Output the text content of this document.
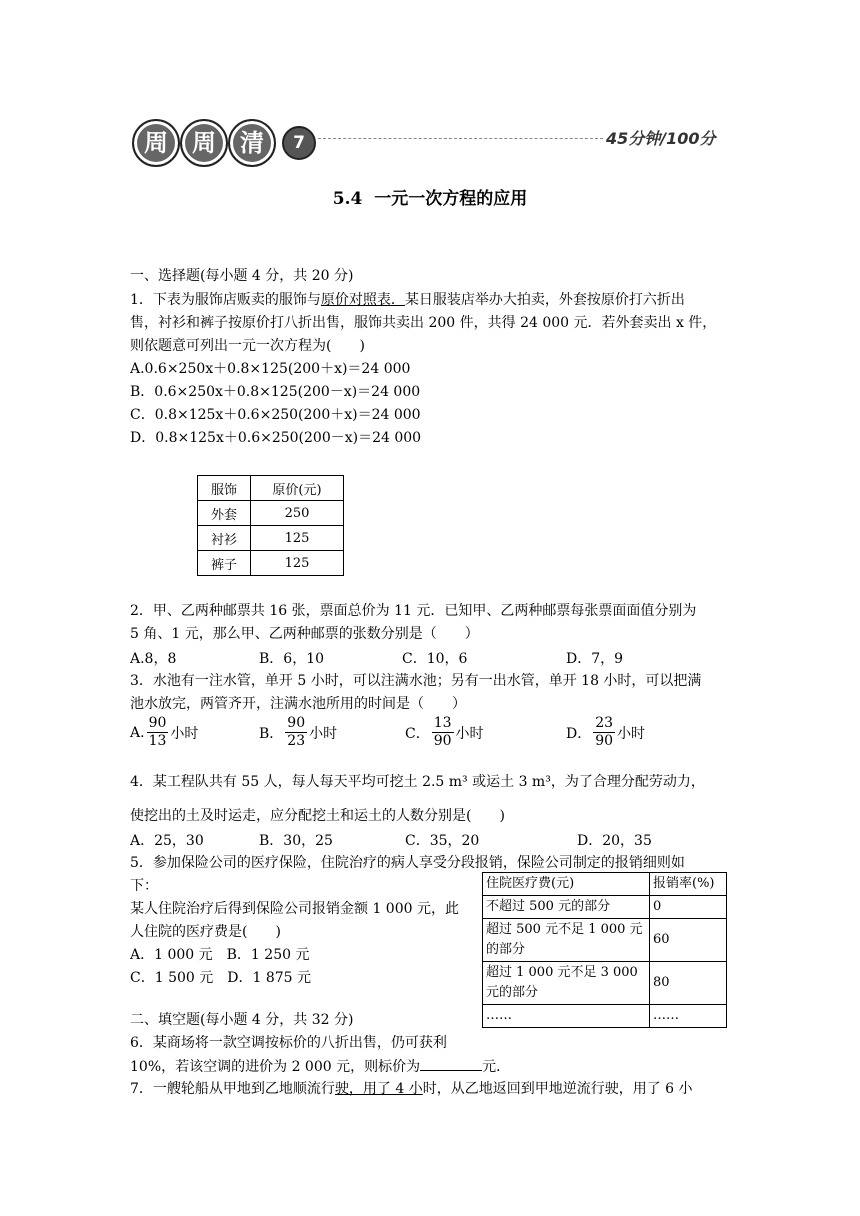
周	周	清	7	45分钟/100分
5.4  一元一次方程的应用
一、选择题(每小题 4 分，共 20 分)
1．下表为服饰店贩卖的服饰与原价对照表．某日服装店举办大拍卖，外套按原价打六折出
售，衬衫和裤子按原价打八折出售，服饰共卖出 200 件，共得 24 000 元．若外套卖出 x 件，
则依题意可列出一元一次方程为(　　)
A.0.6×250x＋0.8×125(200＋x)＝24 000
B．0.6×250x＋0.8×125(200－x)＝24 000
C．0.8×125x＋0.6×250(200＋x)＝24 000
D．0.8×125x＋0.6×250(200－x)＝24 000
服饰	原价(元)
外套	250
衬衫	125
裤子	125
2．甲、乙两种邮票共 16 张，票面总价为 11 元．已知甲、乙两种邮票每张票面面值分别为
5 角、1 元，那么甲、乙两种邮票的张数分别是（　　）
A.8，8	B．6，10	C．10，6	D．7，9
3．水池有一注水管，单开 5 小时，可以注满水池；另有一出水管，单开 18 小时，可以把满
池水放完，两管齐开，注满水池所用的时间是（　　）
A. $\frac{90}{13}$ 小时	B． $\frac{90}{23}$ 小时	C． $\frac{13}{90}$ 小时	D． $\frac{23}{90}$ 小时
4．某工程队共有 55 人，每人每天平均可挖土 2.5 m³ 或运土 3 m³，为了合理分配劳动力，
使挖出的土及时运走，应分配挖土和运土的人数分别是(　　)
A．25，30	B．30，25	C．35，20	D．20，35
5．参加保险公司的医疗保险，住院治疗的病人享受分段报销，保险公司制定的报销细则如
下：
某人住院治疗后得到保险公司报销金额 1 000 元，此
人住院的医疗费是(　　)
A．1 000 元　B．1 250 元
C．1 500 元　D．1 875 元
住院医疗费(元)	报销率(%)
不超过 500 元的部分	0
超过 500 元不足 1 000 元的部分	60
超过 1 000 元不足 3 000 元的部分	80
……	……
二、填空题(每小题 4 分，共 32 分)
6．某商场将一款空调按标价的八折出售，仍可获利
10%，若该空调的进价为 2 000 元，则标价为	元．
7．一艘轮船从甲地到乙地顺流行驶，用了 4 小时，从乙地返回到甲地逆流行驶，用了 6 小
